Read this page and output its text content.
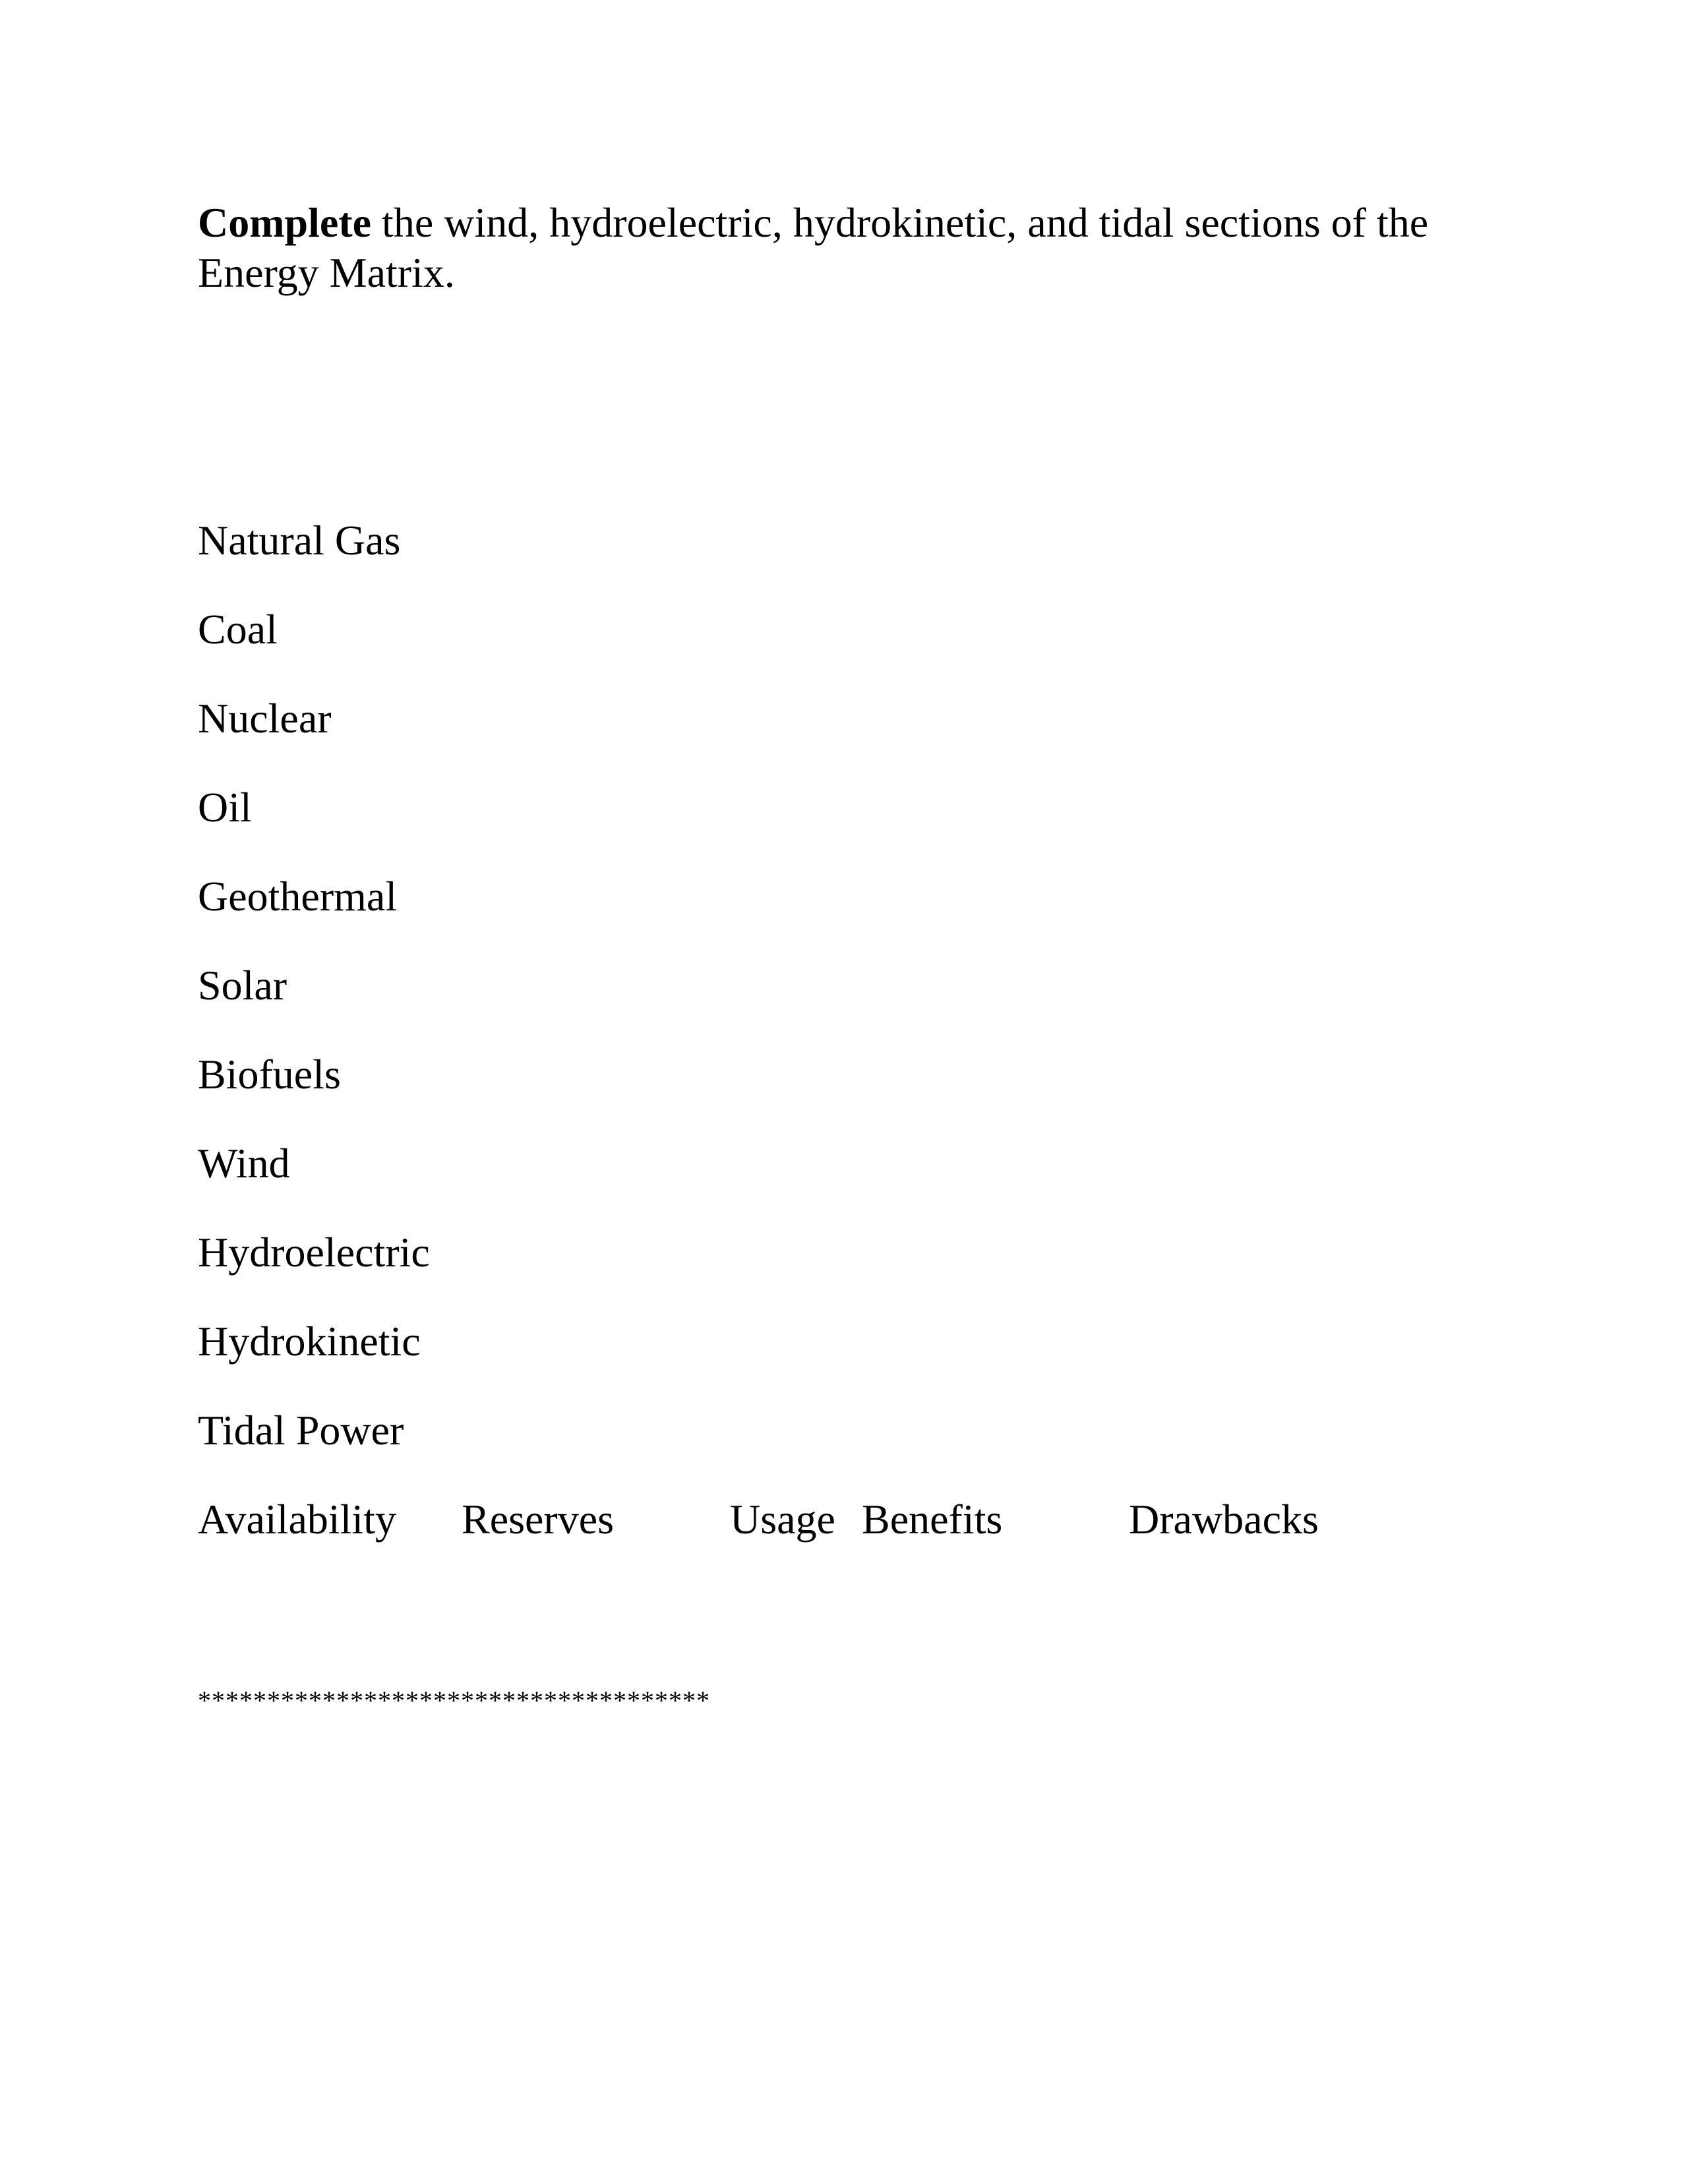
Complete the wind, hydroelectric, hydrokinetic, and tidal sections of the Energy Matrix.

Natural Gas
Coal
Nuclear
Oil
Geothermal
Solar
Biofuels
Wind
Hydroelectric
Hydrokinetic
Tidal Power
Availability Reserves	Usage Benefits	Drawbacks
*************************************
